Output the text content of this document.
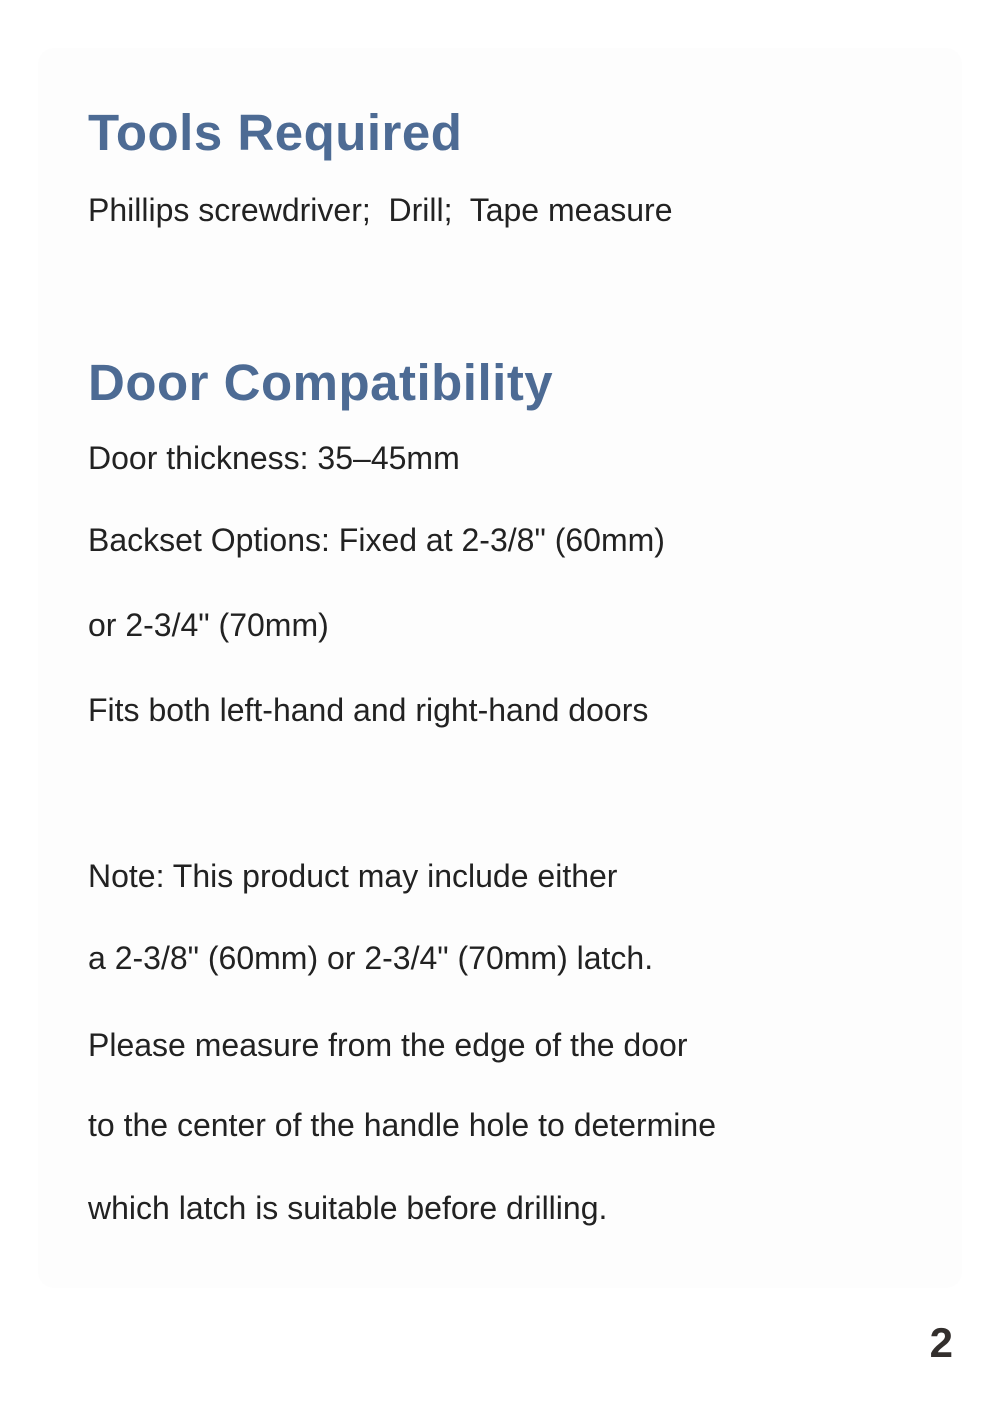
Tools Required
Phillips screwdriver;  Drill;  Tape measure
Door Compatibility
Door thickness: 35–45mm
Backset Options: Fixed at 2-3/8" (60mm)
or 2-3/4" (70mm)
Fits both left-hand and right-hand doors
Note: This product may include either
a 2-3/8" (60mm) or 2-3/4" (70mm) latch.
Please measure from the edge of the door
to the center of the handle hole to determine
which latch is suitable before drilling.
2
